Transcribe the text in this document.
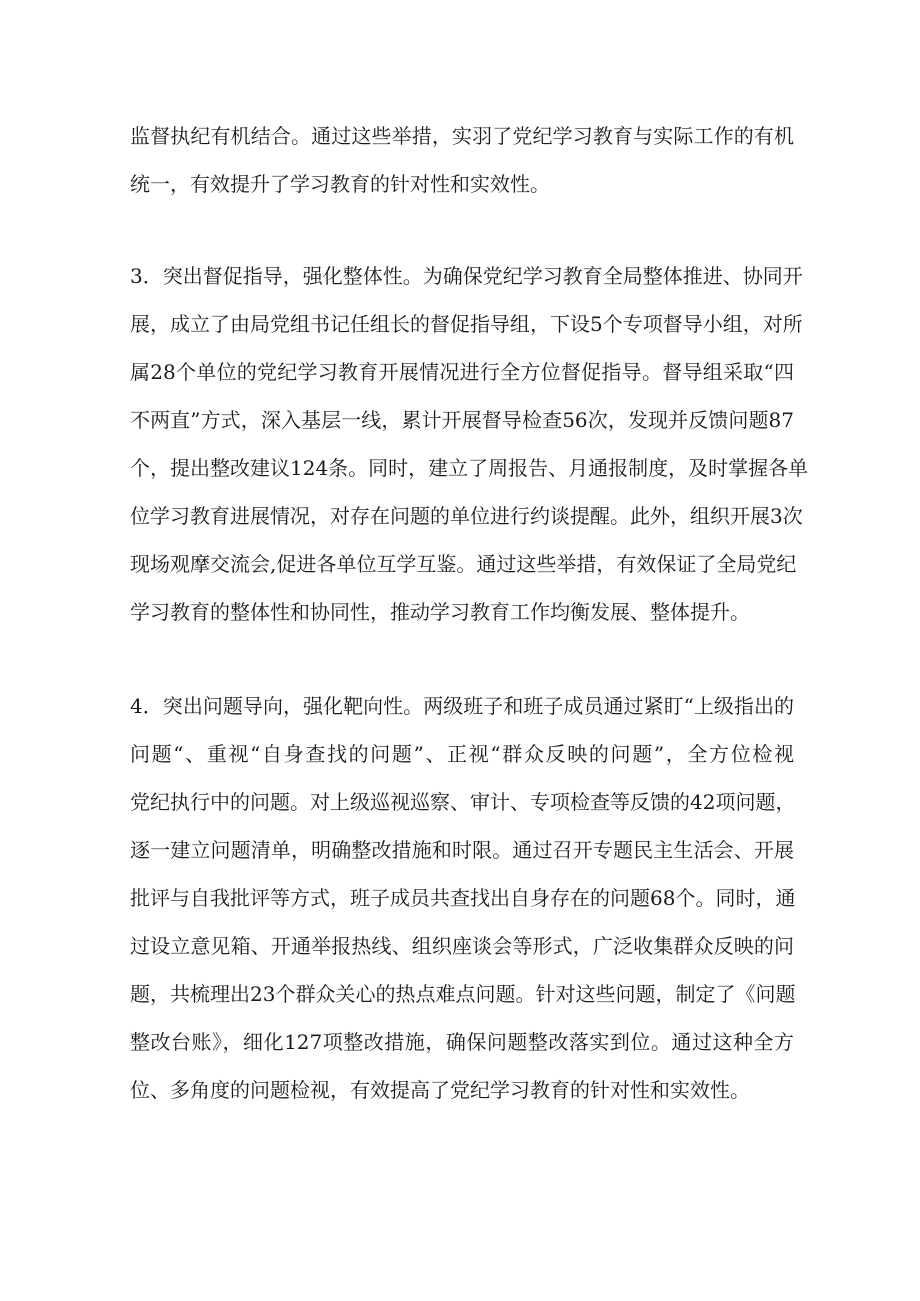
监督执纪有机结合。通过这些举措，实羽了党纪学习教育与实际工作的有机
统一，有效提升了学习教育的针对性和实效性。
3．突出督促指导，强化整体性。为确保党纪学习教育全局整体推进、协同开
展，成立了由局党组书记任组长的督促指导组，下设5个专项督导小组，对所
属28个单位的党纪学习教育开展情况进行全方位督促指导。督导组采取“四
不两直”方式，深入基层一线，累计开展督导检查56次，发现并反馈问题87
个，提出整改建议124条。同时，建立了周报告、月通报制度，及时掌握各单
位学习教育进展情况，对存在问题的单位进行约谈提醒。此外，组织开展3次
现场观摩交流会,促进各单位互学互鉴。通过这些举措，有效保证了全局党纪
学习教育的整体性和协同性，推动学习教育工作均衡发展、整体提升。
4．突出问题导向，强化靶向性。两级班子和班子成员通过紧盯“上级指出的
问题“、重视“自身查找的问题”、正视“群众反映的问题”，全方位检视
党纪执行中的问题。对上级巡视巡察、审计、专项检查等反馈的42项问题，
逐一建立问题清单，明确整改措施和时限。通过召开专题民主生活会、开展
批评与自我批评等方式，班子成员共查找出自身存在的问题68个。同时，通
过设立意见箱、开通举报热线、组织座谈会等形式，广泛收集群众反映的问
题，共梳理出23个群众关心的热点难点问题。针对这些问题，制定了《问题
整改台账》，细化127项整改措施，确保问题整改落实到位。通过这种全方
位、多角度的问题检视，有效提高了党纪学习教育的针对性和实效性。
